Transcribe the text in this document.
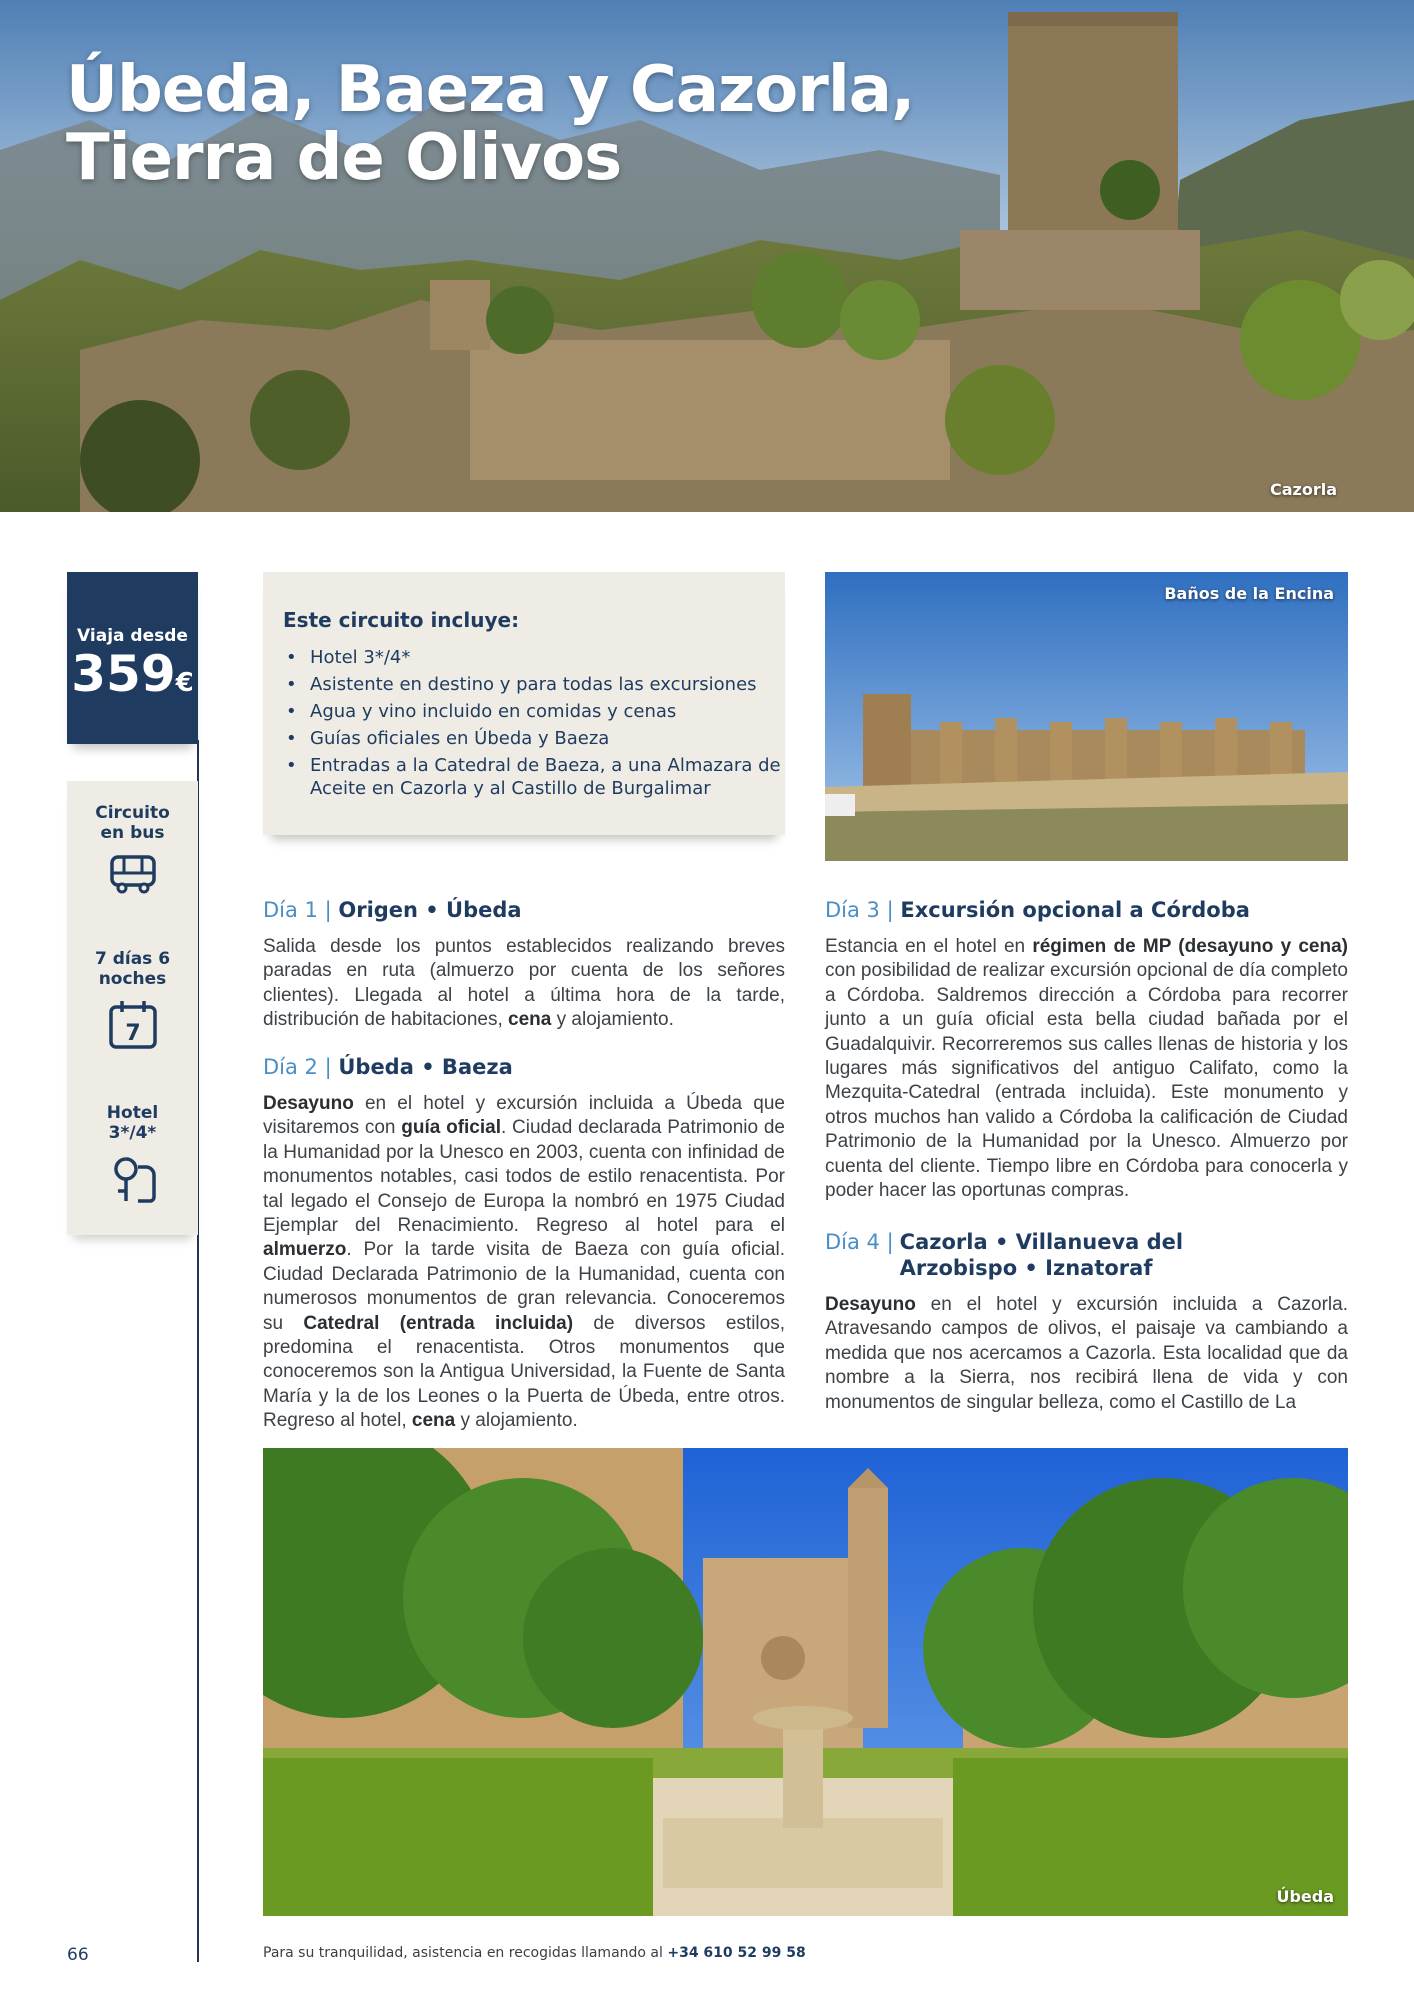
Úbeda, Baeza y Cazorla,
Tierra de Olivos
Cazorla
Viaja desde
359€
Circuito en bus
7 días 6 noches
7
Hotel 3*/4*
Este circuito incluye:
• Hotel 3*/4*
• Asistente en destino y para todas las excursiones
• Agua y vino incluido en comidas y cenas
• Guías oficiales en Úbeda y Baeza
• Entradas a la Catedral de Baeza, a una Almazara de Aceite en Cazorla y al Castillo de Burgalimar
Baños de la Encina
Día 1 | Origen • Úbeda
Salida desde los puntos establecidos realizando breves paradas en ruta (almuerzo por cuenta de los señores clientes). Llegada al hotel a última hora de la tarde, distribución de habitaciones, cena y alojamiento.
Día 2 | Úbeda • Baeza
Desayuno en el hotel y excursión incluida a Úbeda que visitaremos con guía oficial. Ciudad declarada Patrimonio de la Humanidad por la Unesco en 2003, cuenta con infinidad de monumentos notables, casi todos de estilo renacentista. Por tal legado el Consejo de Europa la nombró en 1975 Ciudad Ejemplar del Renacimiento. Regreso al hotel para el almuerzo. Por la tarde visita de Baeza con guía oficial. Ciudad Declarada Patrimonio de la Humanidad, cuenta con numerosos monumentos de gran relevancia. Conoceremos su Catedral (entrada incluida) de diversos estilos, predomina el renacentista. Otros monumentos que conoceremos son la Antigua Universidad, la Fuente de Santa María y la de los Leones o la Puerta de Úbeda, entre otros. Regreso al hotel, cena y alojamiento.
Día 3 | Excursión opcional a Córdoba
Estancia en el hotel en régimen de MP (desayuno y cena) con posibilidad de realizar excursión opcional de día completo a Córdoba. Saldremos dirección a Córdoba para recorrer junto a un guía oficial esta bella ciudad bañada por el Guadalquivir. Recorreremos sus calles llenas de historia y los lugares más significativos del antiguo Califato, como la Mezquita-Catedral (entrada incluida). Este monumento y otros muchos han valido a Córdoba la calificación de Ciudad Patrimonio de la Humanidad por la Unesco. Almuerzo por cuenta del cliente. Tiempo libre en Córdoba para conocerla y poder hacer las oportunas compras.
Día 4 | Cazorla • Villanueva del Arzobispo • Iznatoraf
Desayuno en el hotel y excursión incluida a Cazorla. Atravesando campos de olivos, el paisaje va cambiando a medida que nos acercamos a Cazorla. Esta localidad que da nombre a la Sierra, nos recibirá llena de vida y con monumentos de singular belleza, como el Castillo de La
Úbeda
66	Para su tranquilidad, asistencia en recogidas llamando al +34 610 52 99 58
